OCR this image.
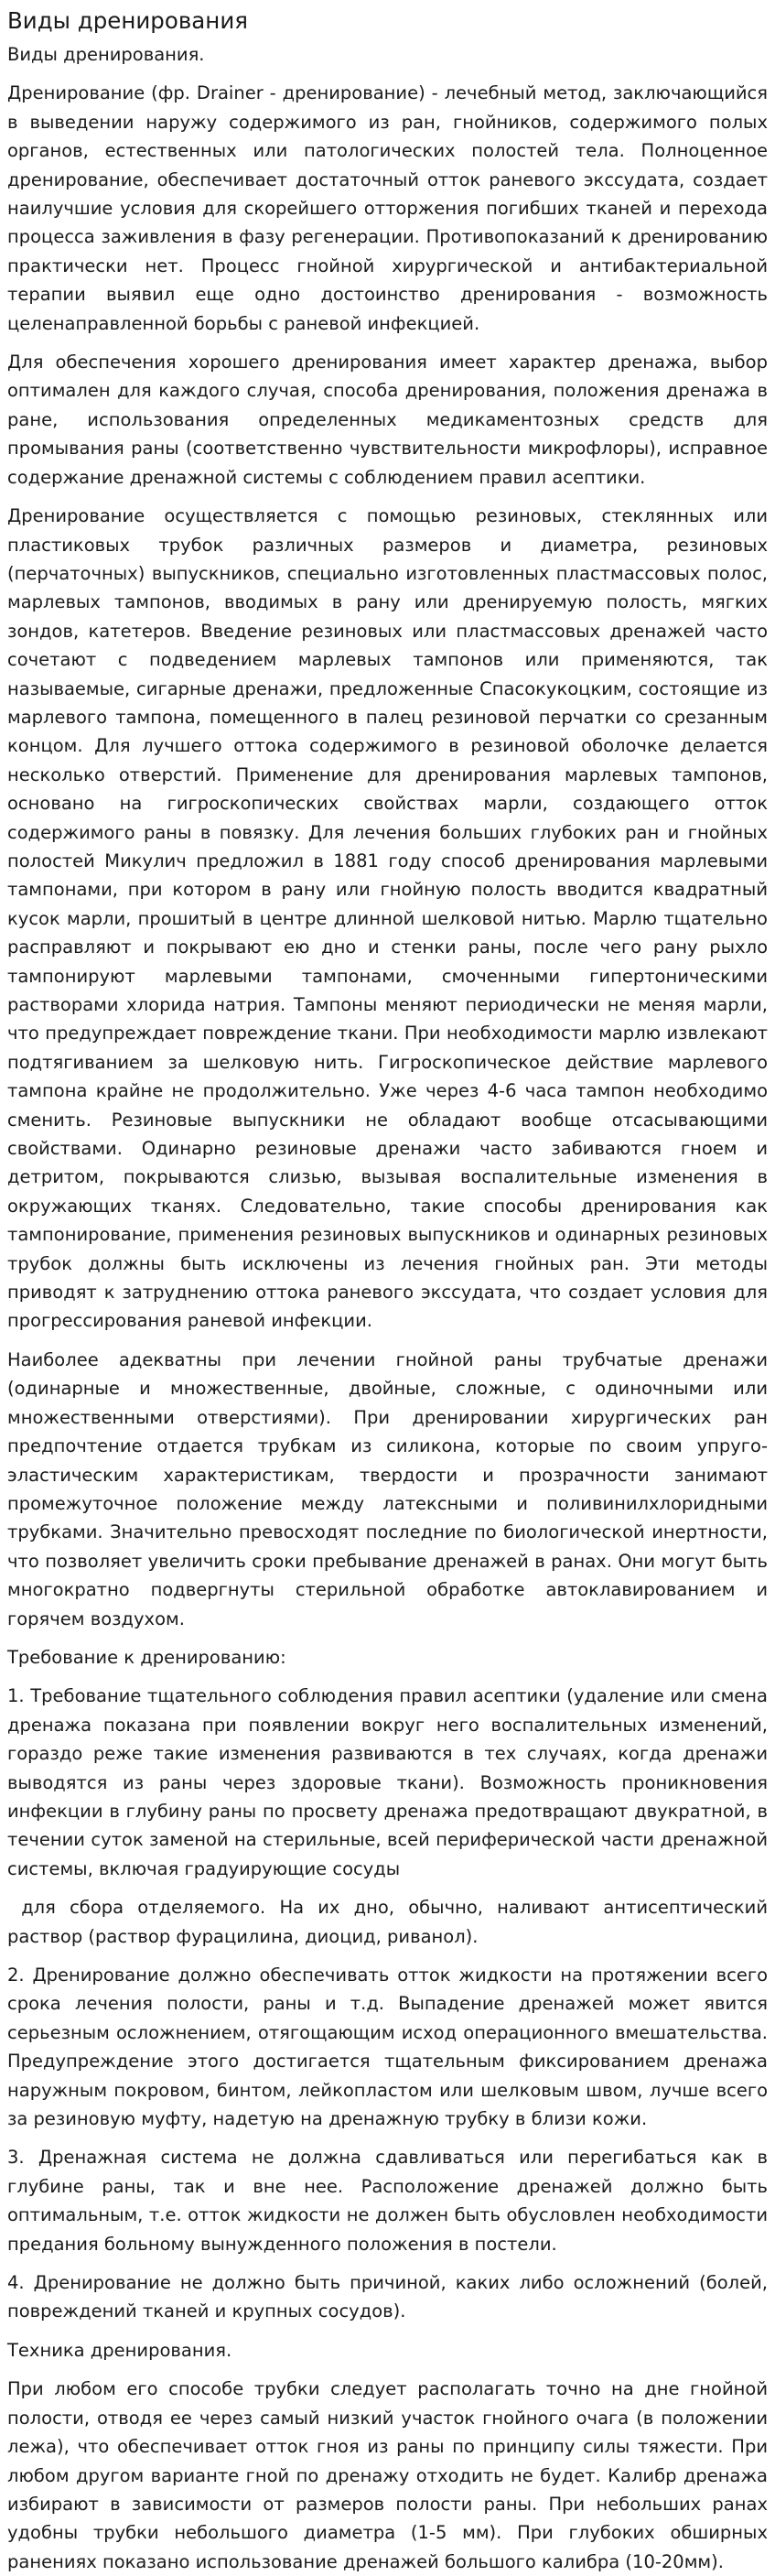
Виды дренирования

Виды дренирования.

Дренирование (фр. Drainer - дренирование) - лечебный метод, заключающийся в выведении наружу содержимого из ран, гнойников, содержимого полых органов, естественных или патологических полостей тела. Полноценное дренирование, обеспечивает достаточный отток раневого экссудата, создает наилучшие условия для скорейшего отторжения погибших тканей и перехода процесса заживления в фазу регенерации. Противопоказаний к дренированию практически нет. Процесс гнойной хирургической и антибактериальной терапии выявил еще одно достоинство дренирования - возможность целенаправленной борьбы с раневой инфекцией.

Для обеспечения хорошего дренирования имеет характер дренажа, выбор оптимален для каждого случая, способа дренирования, положения дренажа в ране, использования определенных медикаментозных средств для промывания раны (соответственно чувствительности микрофлоры), исправное содержание дренажной системы с соблюдением правил асептики.

Дренирование осуществляется с помощью резиновых, стеклянных или пластиковых трубок различных размеров и диаметра, резиновых (перчаточных) выпускников, специально изготовленных пластмассовых полос, марлевых тампонов, вводимых в рану или дренируемую полость, мягких зондов, катетеров. Введение резиновых или пластмассовых дренажей часто сочетают с подведением марлевых тампонов или применяются, так называемые, сигарные дренажи, предложенные Спасокукоцким, состоящие из марлевого тампона, помещенного в палец резиновой перчатки со срезанным концом. Для лучшего оттока содержимого в резиновой оболочке делается несколько отверстий. Применение для дренирования марлевых тампонов, основано на гигроскопических свойствах марли, создающего отток содержимого раны в повязку. Для лечения больших глубоких ран и гнойных полостей Микулич предложил в 1881 году способ дренирования марлевыми тампонами, при котором в рану или гнойную полость вводится квадратный кусок марли, прошитый в центре длинной шелковой нитью. Марлю тщательно расправляют и покрывают ею дно и стенки раны, после чего рану рыхло тампонируют марлевыми тампонами, смоченными гипертоническими растворами хлорида натрия. Тампоны меняют периодически не меняя марли, что предупреждает повреждение ткани. При необходимости марлю извлекают подтягиванием за шелковую нить. Гигроскопическое действие марлевого тампона крайне не продолжительно. Уже через 4-6 часа тампон необходимо сменить. Резиновые выпускники не обладают вообще отсасывающими свойствами. Одинарно резиновые дренажи часто забиваются гноем и детритом, покрываются слизью, вызывая воспалительные изменения в окружающих тканях. Следовательно, такие способы дренирования как тампонирование, применения резиновых выпускников и одинарных резиновых трубок должны быть исключены из лечения гнойных ран. Эти методы приводят к затруднению оттока раневого экссудата, что создает условия для прогрессирования раневой инфекции.

Наиболее адекватны при лечении гнойной раны трубчатые дренажи (одинарные и множественные, двойные, сложные, с одиночными или множественными отверстиями). При дренировании хирургических ран предпочтение отдается трубкам из силикона, которые по своим упруго-эластическим характеристикам, твердости и прозрачности занимают промежуточное положение между латексными и поливинилхлоридными трубками. Значительно превосходят последние по биологической инертности, что позволяет увеличить сроки пребывание дренажей в ранах. Они могут быть многократно подвергнуты стерильной обработке автоклавированием и горячем воздухом.

Требование к дренированию:

1. Требование тщательного соблюдения правил асептики (удаление или смена дренажа показана при появлении вокруг него воспалительных изменений, гораздо реже такие изменения развиваются в тех случаях, когда дренажи выводятся из раны через здоровые ткани). Возможность проникновения инфекции в глубину раны по просвету дренажа предотвращают двукратной, в течении суток заменой на стерильные, всей периферической части дренажной системы, включая градуирующие сосуды

для сбора отделяемого. На их дно, обычно, наливают антисептический раствор (раствор фурацилина, диоцид, риванол).

2. Дренирование должно обеспечивать отток жидкости на протяжении всего срока лечения полости, раны и т.д. Выпадение дренажей может явится серьезным осложнением, отягощающим исход операционного вмешательства. Предупреждение этого достигается тщательным фиксированием дренажа наружным покровом, бинтом, лейкопластом или шелковым швом, лучше всего за резиновую муфту, надетую на дренажную трубку в близи кожи.

3. Дренажная система не должна сдавливаться или перегибаться как в глубине раны, так и вне нее. Расположение дренажей должно быть оптимальным, т.е. отток жидкости не должен быть обусловлен необходимости предания больному вынужденного положения в постели.

4. Дренирование не должно быть причиной, каких либо осложнений (болей, повреждений тканей и крупных сосудов).

Техника дренирования.

При любом его способе трубки следует располагать точно на дне гнойной полости, отводя ее через самый низкий участок гнойного очага (в положении лежа), что обеспечивает отток гноя из раны по принципу силы тяжести. При любом другом варианте гной по дренажу отходить не будет. Калибр дренажа избирают в зависимости от размеров полости раны. При небольших ранах удобны трубки небольшого диаметра (1-5 мм). При глубоких обширных ранениях показано использование дренажей большого калибра (10-20мм).
